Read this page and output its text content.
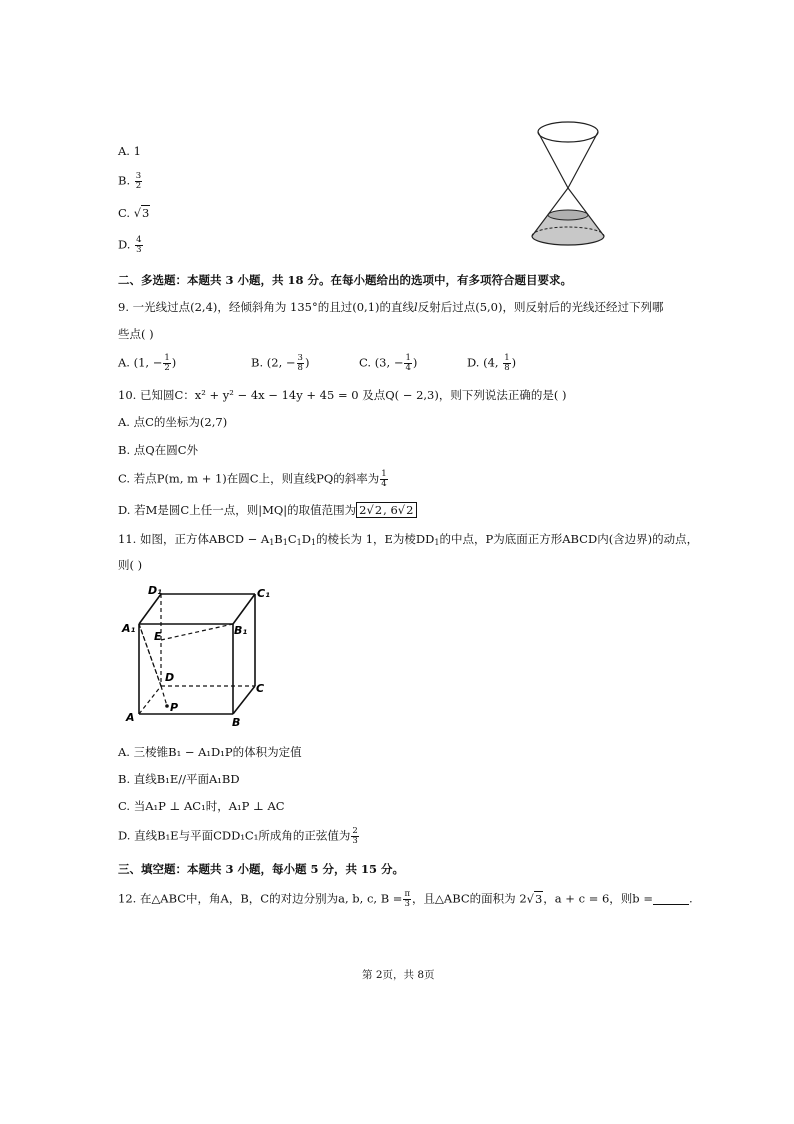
A. 1
B. $\frac{3}{2}$
C. √3
D. $\frac{4}{3}$
二、多选题：本题共 3 小题，共 18 分。在每小题给出的选项中，有多项符合题目要求。
9. 一光线过点(2,4)，经倾斜角为 135°的且过(0,1)的直线l反射后过点(5,0)，则反射后的光线还经过下列哪
些点( )
A. (1, − $\frac{1}{2}$ )	B. (2, − $\frac{3}{8}$ )	C. (3, − $\frac{1}{4}$ )	D. (4, $\frac{1}{8}$ )
10. 已知圆C：x² + y² − 4x − 14y + 45 = 0 及点Q( − 2,3)，则下列说法正确的是( )
A. 点C的坐标为(2,7)
B. 点Q在圆C外
C. 若点P(m, m + 1)在圆C上，则直线PQ的斜率为 $\frac{1}{4}$
D. 若M是圆C上任一点，则|MQ|的取值范围为 2√2, 6√2
11. 如图，正方体ABCD − $A_1B_1C_1D_1$的棱长为 1，E为棱$DD_1$的中点，P为底面正方形ABCD内(含边界)的动点，
则( )
D₁	C₁
A₁	B₁
E
D
C
A	B
P
A. 三棱锥B₁ − A₁D₁P的体积为定值
B. 直线B₁E//平面A₁BD
C. 当A₁P ⊥ AC₁时，A₁P ⊥ AC
D. 直线B₁E与平面CDD₁C₁所成角的正弦值为 $\frac{2}{3}$
三、填空题：本题共 3 小题，每小题 5 分，共 15 分。
12. 在△ABC中，角A，B，C的对边分别为a, b, c, $B = \frac{\pi}{3}$ ，且△ABC的面积为 2√3，a + c = 6，则b =	.
第 2页，共 8页
